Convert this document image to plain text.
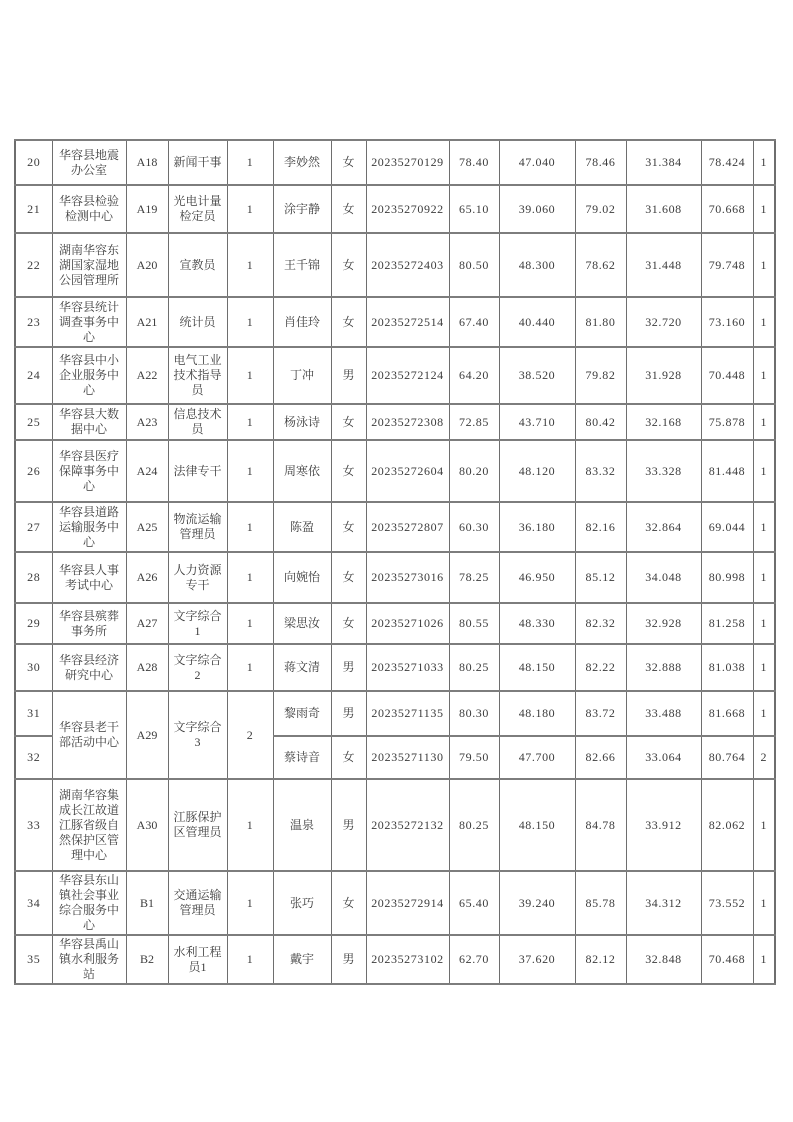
20	华容县地震办公室	A18	新闻干事	1	李妙然	女	20235270129	78.40	47.040	78.46	31.384	78.424	1
21	华容县检验检测中心	A19	光电计量检定员	1	涂宇静	女	20235270922	65.10	39.060	79.02	31.608	70.668	1
22	湖南华容东湖国家湿地公园管理所	A20	宣教员	1	王千锦	女	20235272403	80.50	48.300	78.62	31.448	79.748	1
23	华容县统计调查事务中心	A21	统计员	1	肖佳玲	女	20235272514	67.40	40.440	81.80	32.720	73.160	1
24	华容县中小企业服务中心	A22	电气工业技术指导员	1	丁冲	男	20235272124	64.20	38.520	79.82	31.928	70.448	1
25	华容县大数据中心	A23	信息技术员	1	杨泳诗	女	20235272308	72.85	43.710	80.42	32.168	75.878	1
26	华容县医疗保障事务中心	A24	法律专干	1	周寒依	女	20235272604	80.20	48.120	83.32	33.328	81.448	1
27	华容县道路运输服务中心	A25	物流运输管理员	1	陈盈	女	20235272807	60.30	36.180	82.16	32.864	69.044	1
28	华容县人事考试中心	A26	人力资源专干	1	向婉怡	女	20235273016	78.25	46.950	85.12	34.048	80.998	1
29	华容县殡葬事务所	A27	文字综合1	1	梁思汝	女	20235271026	80.55	48.330	82.32	32.928	81.258	1
30	华容县经济研究中心	A28	文字综合2	1	蒋文清	男	20235271033	80.25	48.150	82.22	32.888	81.038	1
31	华容县老干部活动中心	A29	文字综合3	2	黎雨奇	男	20235271135	80.30	48.180	83.72	33.488	81.668	1
32					蔡诗音	女	20235271130	79.50	47.700	82.66	33.064	80.764	2
33	湖南华容集成长江故道江豚省级自然保护区管理中心	A30	江豚保护区管理员	1	温泉	男	20235272132	80.25	48.150	84.78	33.912	82.062	1
34	华容县东山镇社会事业综合服务中心	B1	交通运输管理员	1	张巧	女	20235272914	65.40	39.240	85.78	34.312	73.552	1
35	华容县禹山镇水利服务站	B2	水利工程员1	1	戴宇	男	20235273102	62.70	37.620	82.12	32.848	70.468	1
